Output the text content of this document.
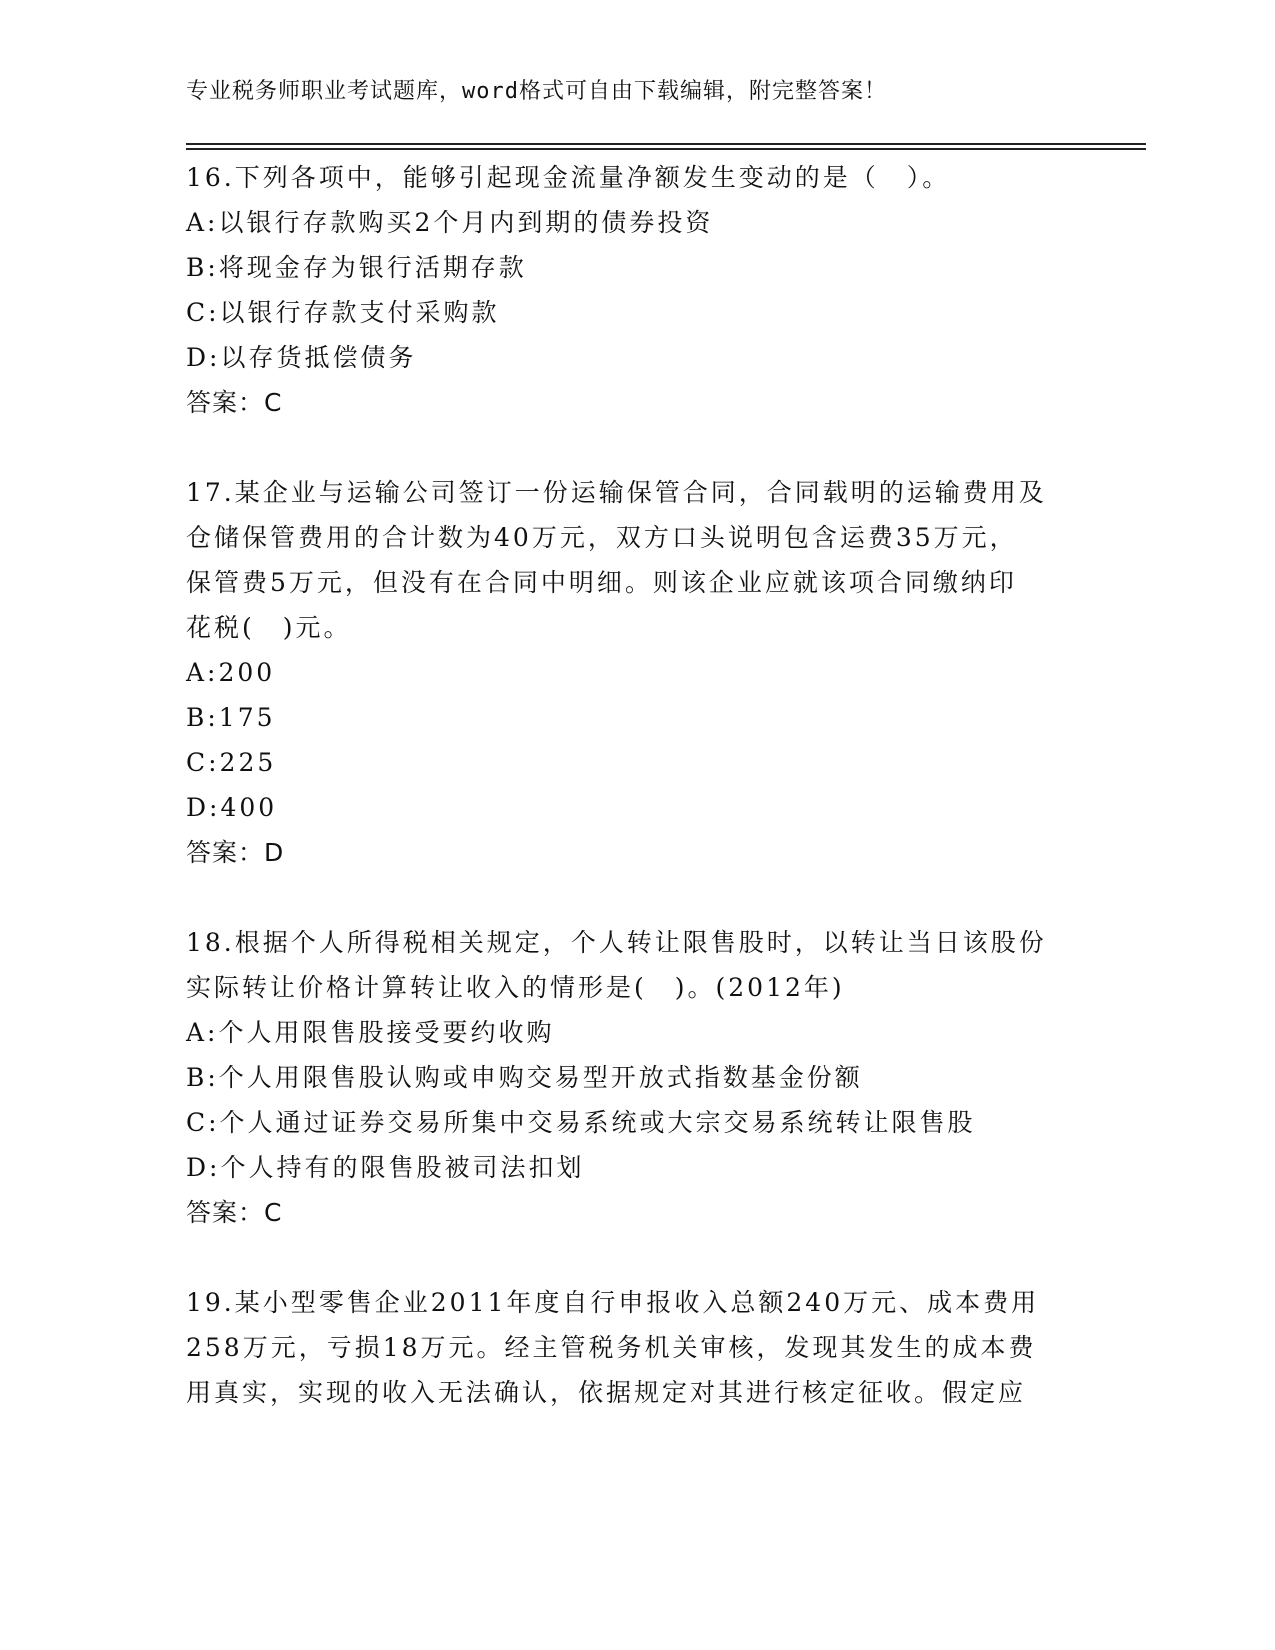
专业税务师职业考试题库，word格式可自由下载编辑，附完整答案！

16.下列各项中，能够引起现金流量净额发生变动的是（　）。

A:以银行存款购买2个月内到期的债券投资

B:将现金存为银行活期存款

C:以银行存款支付采购款

D:以存货抵偿债务

答案：C

17.某企业与运输公司签订一份运输保管合同，合同载明的运输费用及

仓储保管费用的合计数为40万元，双方口头说明包含运费35万元，

保管费5万元，但没有在合同中明细。则该企业应就该项合同缴纳印

花税(　)元。

A:200

B:175

C:225

D:400

答案：D

18.根据个人所得税相关规定，个人转让限售股时，以转让当日该股份

实际转让价格计算转让收入的情形是(　)。(2012年)

A:个人用限售股接受要约收购

B:个人用限售股认购或申购交易型开放式指数基金份额

C:个人通过证券交易所集中交易系统或大宗交易系统转让限售股

D:个人持有的限售股被司法扣划

答案：C

19.某小型零售企业2011年度自行申报收入总额240万元、成本费用

258万元，亏损18万元。经主管税务机关审核，发现其发生的成本费

用真实，实现的收入无法确认，依据规定对其进行核定征收。假定应
